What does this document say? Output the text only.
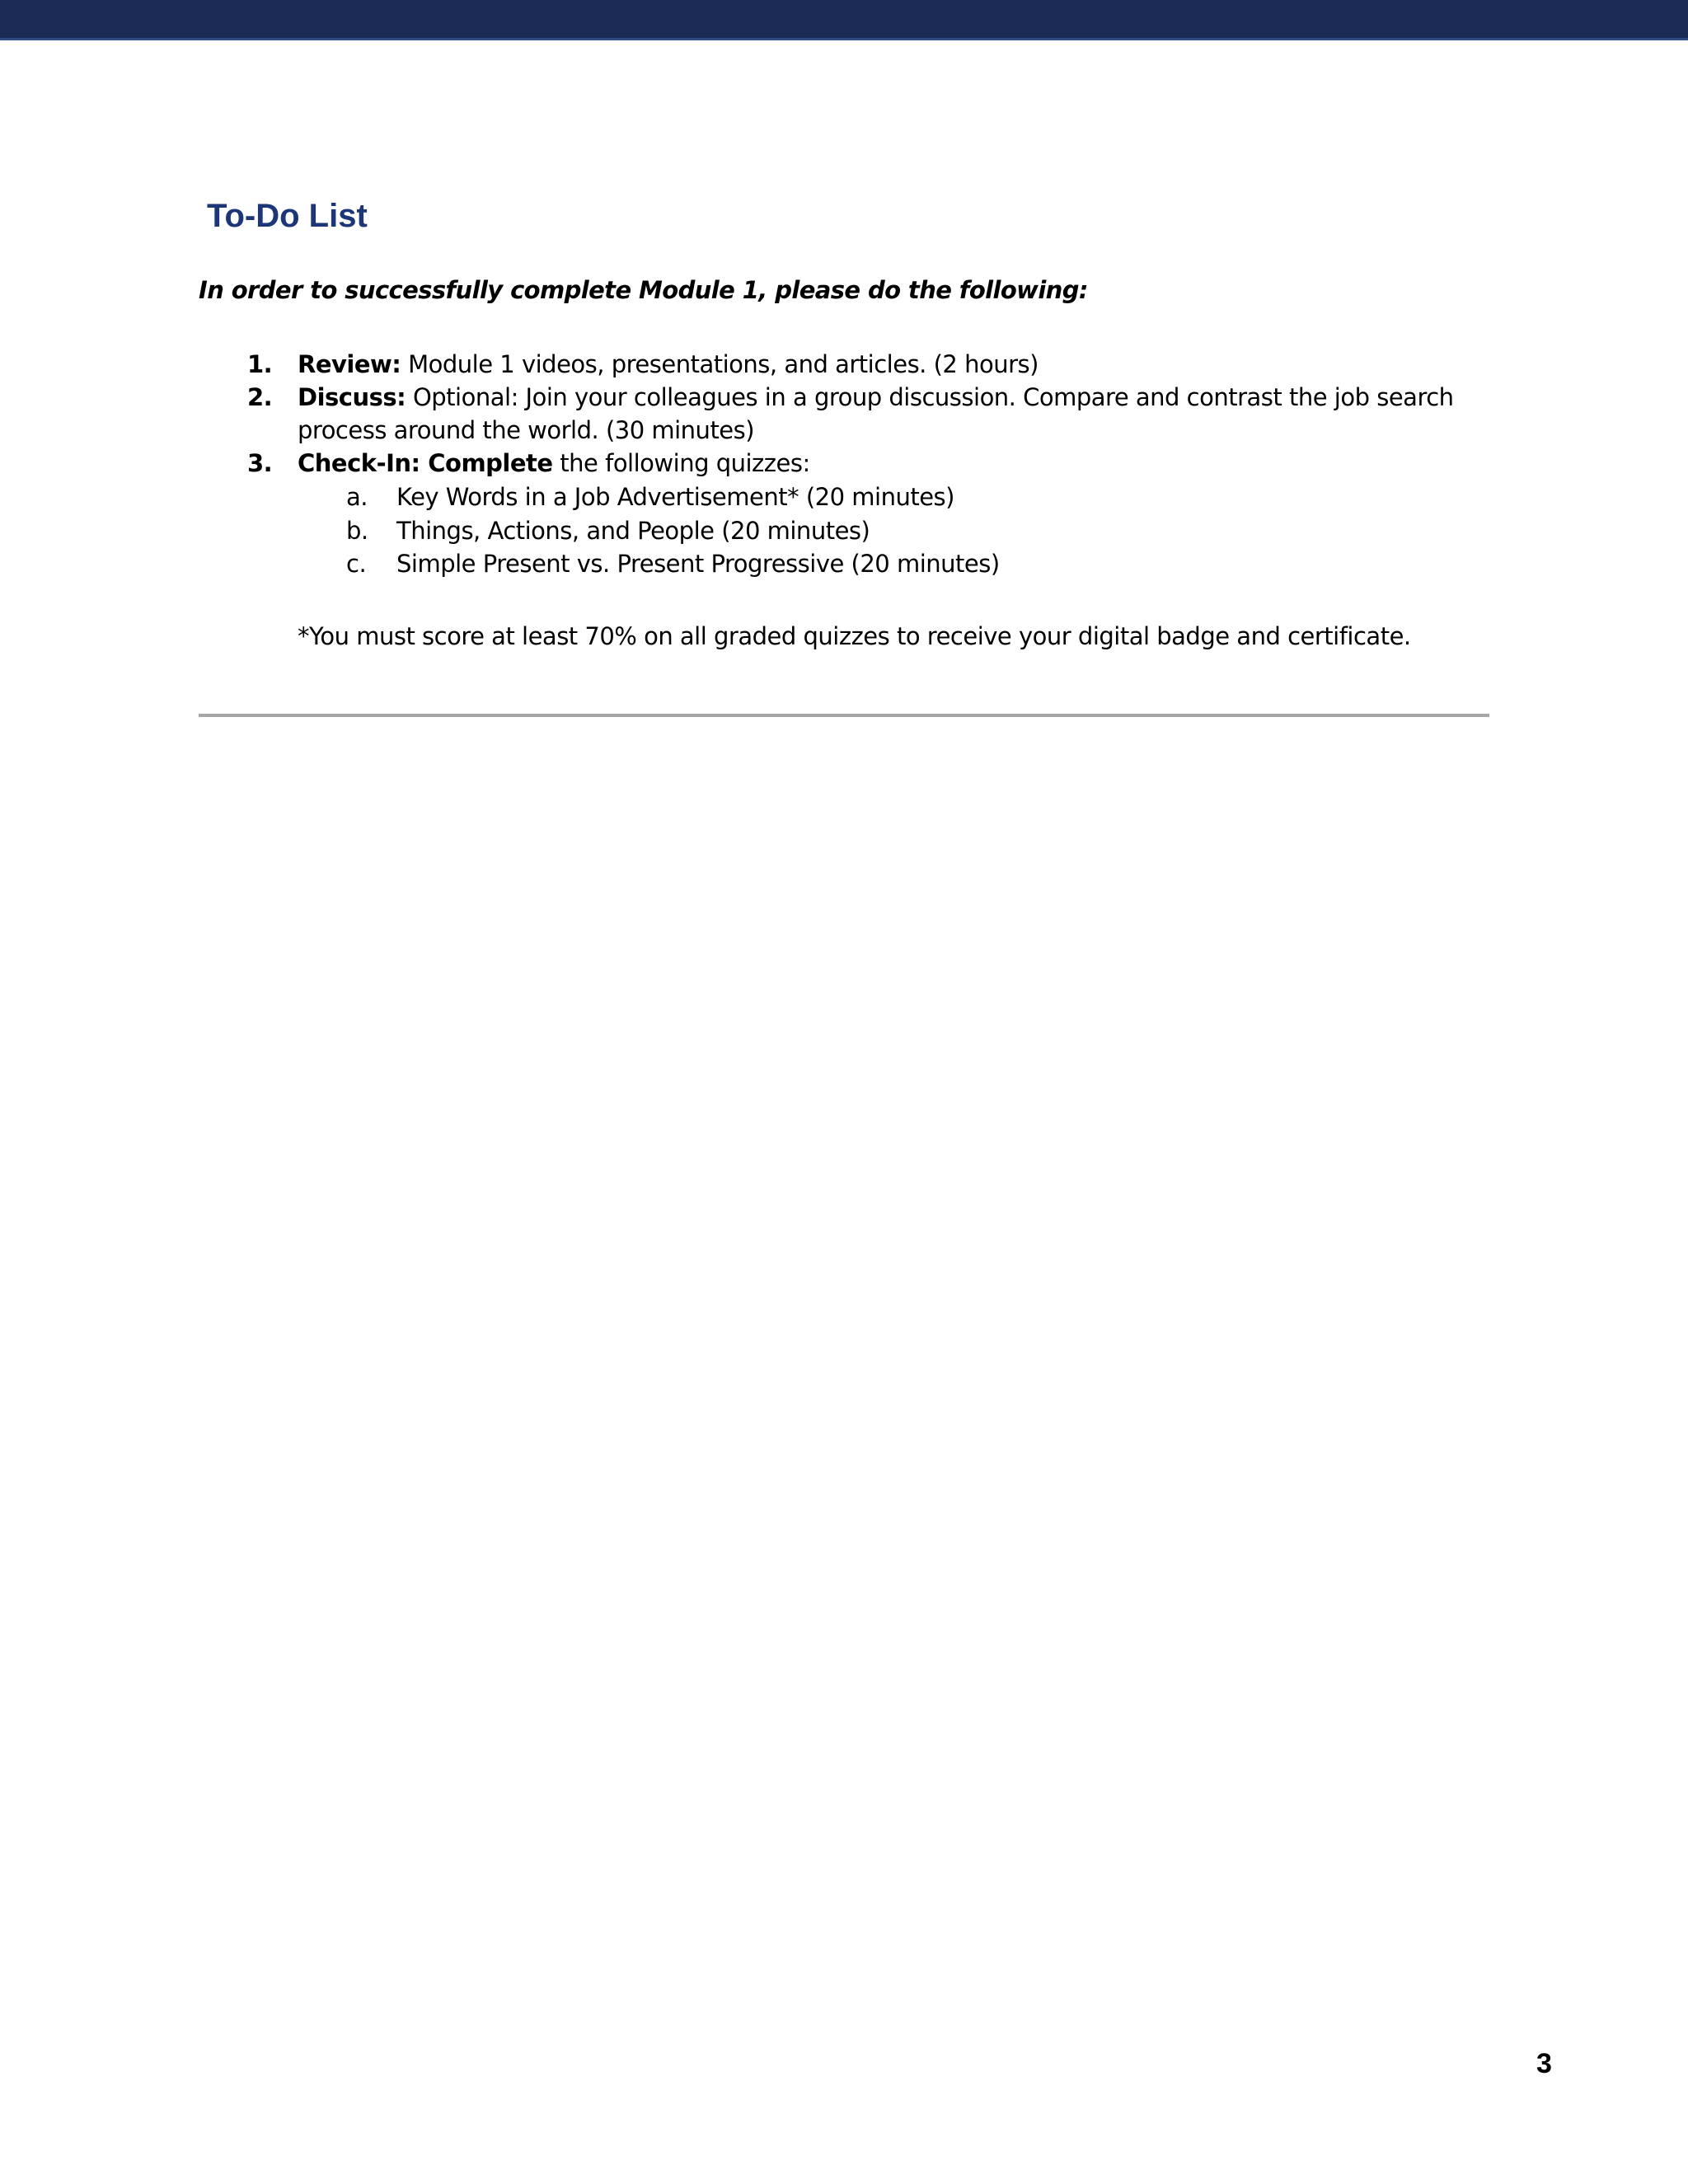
To-Do List
In order to successfully complete Module 1, please do the following:
1. Review: Module 1 videos, presentations, and articles. (2 hours)
2. Discuss: Optional: Join your colleagues in a group discussion. Compare and contrast the job search
process around the world. (30 minutes)
3. Check-In: Complete the following quizzes:
a. Key Words in a Job Advertisement* (20 minutes)
b. Things, Actions, and People (20 minutes)
c. Simple Present vs. Present Progressive (20 minutes)
*You must score at least 70% on all graded quizzes to receive your digital badge and certificate.
3
